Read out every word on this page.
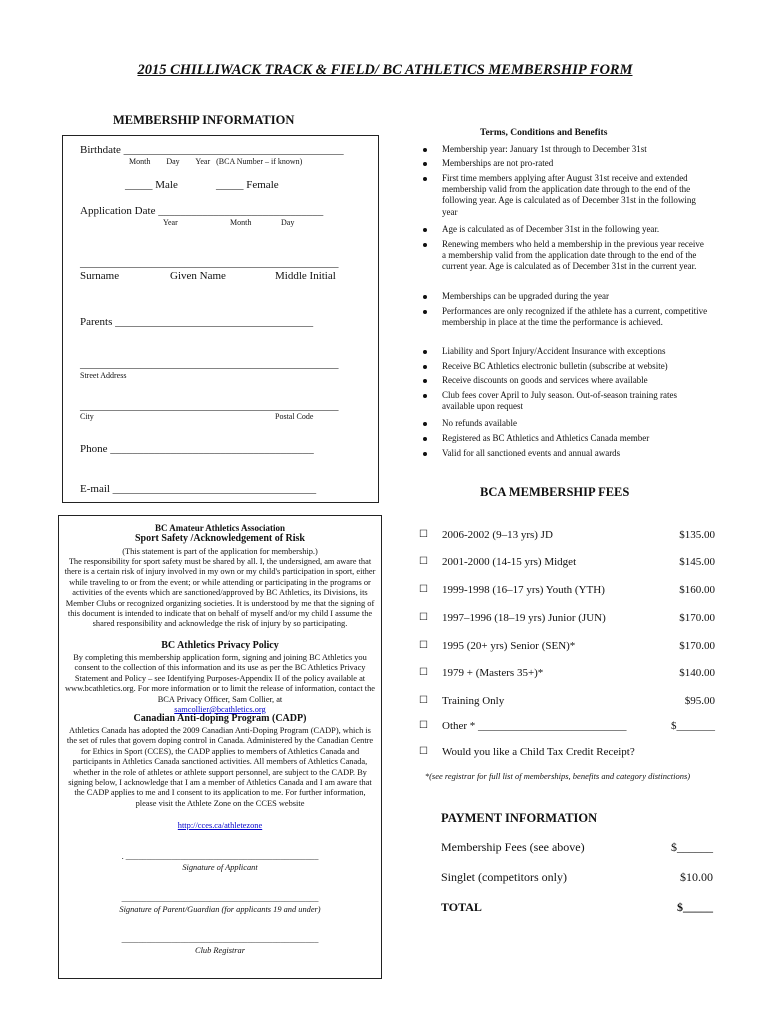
2015 CHILLIWACK TRACK & FIELD/ BC ATHLETICS MEMBERSHIP FORM
MEMBERSHIP INFORMATION
Birthdate ________________________________________
Month        Day        Year   (BCA Number – if known)
_____ Male	_____ Female
Application Date ______________________________
Year	Month	Day
_______________________________________________
Surname	Given Name	Middle Initial
Parents ____________________________________
_______________________________________________
Street Address
_______________________________________________
City	Postal Code
Phone _____________________________________
E-mail _____________________________________
Terms, Conditions and Benefits
Membership year: January 1st through to December 31st
Memberships are not pro-rated
First time members applying after August 31st receive and extended membership valid from the application date through to the end of the following year. Age is calculated as of December 31st in the following year
Age is calculated as of December 31st in the following year.
Renewing members who held a membership in the previous year receive a membership valid from the application date through to the end of the current year. Age is calculated as of December 31st in the current year.
Memberships can be upgraded during the year
Performances are only recognized if the athlete has a current, competitive membership in place at the time the performance is achieved.
Liability and Sport Injury/Accident Insurance with exceptions
Receive BC Athletics electronic bulletin (subscribe at website)
Receive discounts on goods and services where available
Club fees cover April to July season. Out-of-season training rates available upon request
No refunds available
Registered as BC Athletics and Athletics Canada member
Valid for all sanctioned events and annual awards
BC Amateur Athletics Association
Sport Safety /Acknowledgement of Risk
(This statement is part of the application for membership.)
The responsibility for sport safety must be shared by all. I, the undersigned, am aware that there is a certain risk of injury involved in my own or my child's participation in sport, either while traveling to or from the event; or while attending or participating in the programs or activities of the events which are sanctioned/approved by BC Athletics, its Divisions, its Member Clubs or recognized organizing societies. It is understood by me that the signing of this document is intended to indicate that on behalf of myself and/or my child I assume the shared responsibility and acknowledge the risk of injury by so participating.
BC Athletics Privacy Policy
By completing this membership application form, signing and joining BC Athletics you consent to the collection of this information and its use as per the BC Athletics Privacy Statement and Policy – see Identifying Purposes-Appendix II of the policy available at www.bcathletics.org. For more information or to limit the release of information, contact the BCA Privacy Officer, Sam Collier, at
samcollier@bcathletics.org
Canadian Anti-doping Program (CADP)
Athletics Canada has adopted the 2009 Canadian Anti-Doping Program (CADP), which is the set of rules that govern doping control in Canada. Administered by the Canadian Centre for Ethics in Sport (CCES), the CADP applies to members of Athletics Canada and participants in Athletics Canada sanctioned activities. All members of Athletics Canada, whether in the role of athletes or athlete support personnel, are subject to the CADP. By signing below, I acknowledge that I am a member of Athletics Canada and I am aware that the CADP applies to me and I consent to its application to me. For further information, please visit the Athlete Zone on the CCES website
http://cces.ca/athletezone
. ______________________________________________
Signature of Applicant
_______________________________________________
Signature of Parent/Guardian (for applicants 19 and under)
_______________________________________________
Club Registrar
BCA MEMBERSHIP FEES
☐ 2006-2002 (9–13 yrs) JD	$135.00
☐ 2001-2000 (14-15 yrs) Midget	$145.00
☐ 1999-1998 (16–17 yrs) Youth (YTH)	$160.00
☐ 1997–1996 (18–19 yrs) Junior (JUN)	$170.00
☐ 1995 (20+ yrs) Senior (SEN)*	$170.00
☐ 1979 + (Masters 35+)*	$140.00
☐ Training Only	$95.00
☐ Other * ___________________________	$_______
☐ Would you like a Child Tax Credit Receipt?
*(see registrar for full list of memberships, benefits and category distinctions)
PAYMENT INFORMATION
Membership Fees (see above)	$______
Singlet (competitors only)	$10.00
TOTAL	$_____
